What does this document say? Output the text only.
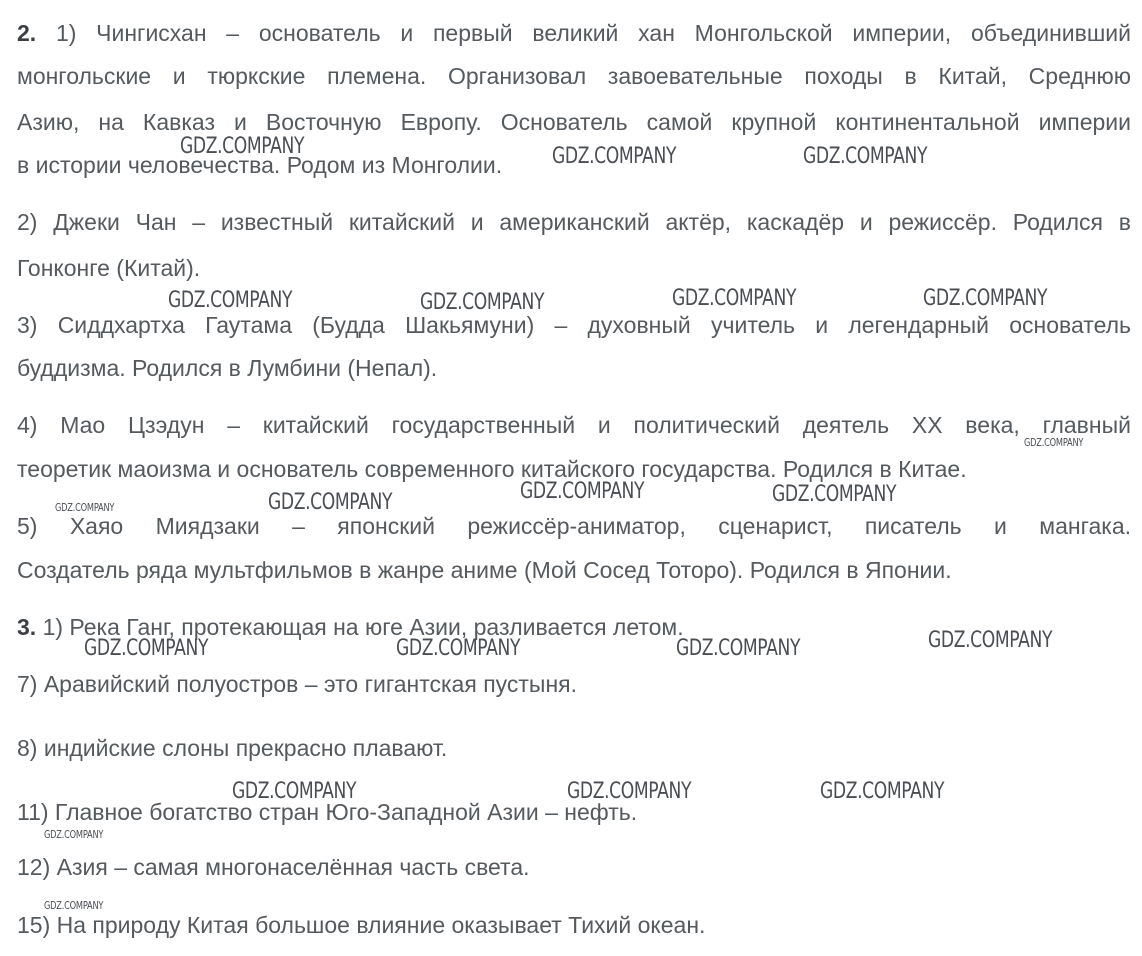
2. 1) Чингисхан – основатель и первый великий хан Монгольской империи, объединивший
монгольские и тюркские племена. Организовал завоевательные походы в Китай, Среднюю
Азию, на Кавказ и Восточную Европу. Основатель самой крупной континентальной империи
в истории человечества. Родом из Монголии.
2) Джеки Чан – известный китайский и американский актёр, каскадёр и режиссёр. Родился в
Гонконге (Китай).
3) Сиддхартха Гаутама (Будда Шакьямуни) – духовный учитель и легендарный основатель
буддизма. Родился в Лумбини (Непал).
4) Мао Цзэдун – китайский государственный и политический деятель XX века, главный
теоретик маоизма и основатель современного китайского государства. Родился в Китае.
5) Хаяо Миядзаки – японский режиссёр-аниматор, сценарист, писатель и мангака.
Создатель ряда мультфильмов в жанре аниме (Мой Сосед Тоторо). Родился в Японии.
3. 1) Река Ганг, протекающая на юге Азии, разливается летом.
7) Аравийский полуостров – это гигантская пустыня.
8) индийские слоны прекрасно плавают.
11) Главное богатство стран Юго-Западной Азии – нефть.
12) Азия – самая многонаселённая часть света.
15) На природу Китая большое влияние оказывает Тихий океан.
GDZ.COMPANY	GDZ.COMPANY	GDZ.COMPANY
GDZ.COMPANY	GDZ.COMPANY	GDZ.COMPANY	GDZ.COMPANY
GDZ.COMPANY
GDZ.COMPANY	GDZ.COMPANY	GDZ.COMPANY	GDZ.COMPANY
GDZ.COMPANY	GDZ.COMPANY	GDZ.COMPANY	GDZ.COMPANY
GDZ.COMPANY	GDZ.COMPANY	GDZ.COMPANY
GDZ.COMPANY
GDZ.COMPANY
